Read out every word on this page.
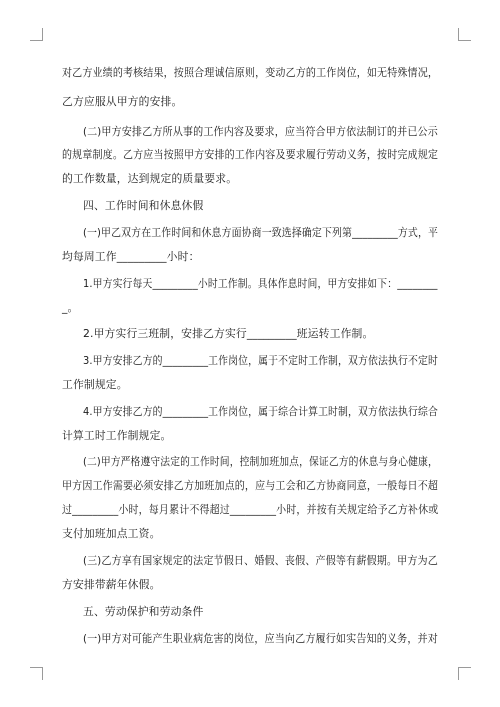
对乙方业绩的考核结果，按照合理诚信原则，变动乙方的工作岗位，如无特殊情况，
乙方应服从甲方的安排。
(二)甲方安排乙方所从事的工作内容及要求，应当符合甲方依法制订的并已公示
的规章制度。乙方应当按照甲方安排的工作内容及要求履行劳动义务，按时完成规定
的工作数量，达到规定的质量要求。
四、工作时间和休息休假
(一)甲乙双方在工作时间和休息方面协商一致选择确定下列第_________方式，平
均每周工作_________小时：
1.甲方实行每天_________小时工作制。具体作息时间，甲方安排如下：________
_。
2.甲方实行三班制，安排乙方实行_________班运转工作制。
3.甲方安排乙方的_________工作岗位，属于不定时工作制，双方依法执行不定时
工作制规定。
4.甲方安排乙方的_________工作岗位，属于综合计算工时制，双方依法执行综合
计算工时工作制规定。
(二)甲方严格遵守法定的工作时间，控制加班加点，保证乙方的休息与身心健康，
甲方因工作需要必须安排乙方加班加点的，应与工会和乙方协商同意，一般每日不超
过_________小时，每月累计不得超过_________小时，并按有关规定给予乙方补休或
支付加班加点工资。
(三)乙方享有国家规定的法定节假日、婚假、丧假、产假等有薪假期。甲方为乙
方安排带薪年休假。
五、劳动保护和劳动条件
(一)甲方对可能产生职业病危害的岗位，应当向乙方履行如实告知的义务，并对
